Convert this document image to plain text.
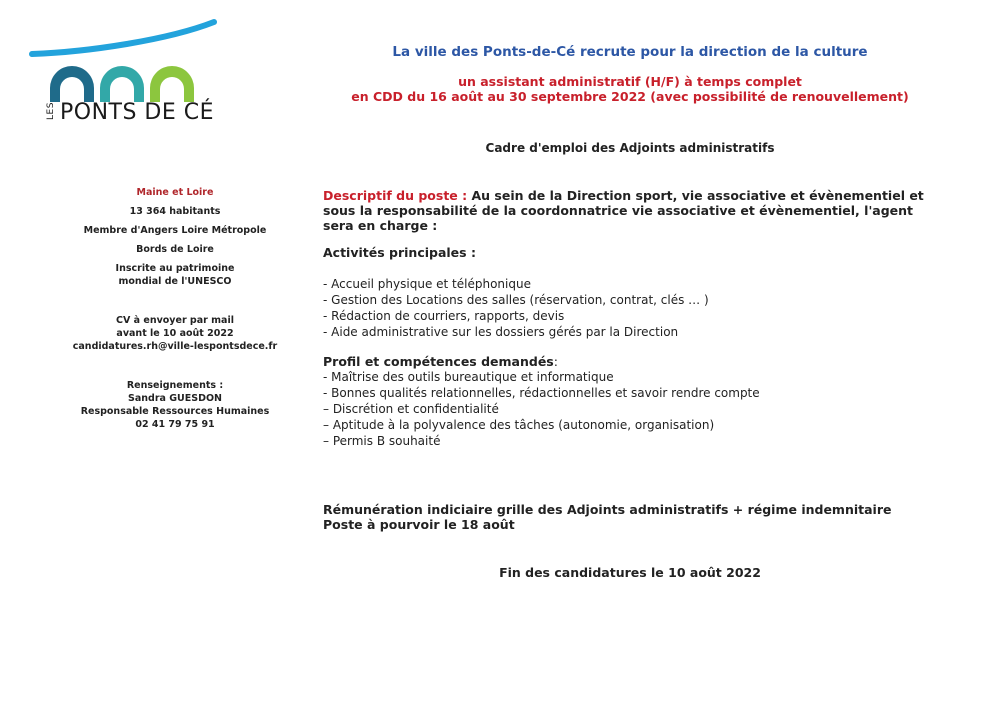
LES PONTS DE CÉ

Maine et Loire

13 364 habitants

Membre d'Angers Loire Métropole

Bords de Loire

Inscrite au patrimoine
mondial de l'UNESCO

CV à envoyer par mail
avant le 10 août 2022
candidatures.rh@ville-lespontsdece.fr

Renseignements :
Sandra GUESDON
Responsable Ressources Humaines
02 41 79 75 91

La ville des Ponts-de-Cé recrute pour la direction de la culture

un assistant administratif (H/F) à temps complet

en CDD du 16 août au 30 septembre 2022 (avec possibilité de renouvellement)

Cadre d'emploi des Adjoints administratifs

Descriptif du poste : Au sein de la Direction sport, vie associative et évènementiel et sous la responsabilité de la coordonnatrice vie associative et évènementiel, l'agent sera en charge :

Activités principales :

- Accueil physique et téléphonique
- Gestion des Locations des salles (réservation, contrat, clés … )
- Rédaction de courriers, rapports, devis
- Aide administrative sur les dossiers gérés par la Direction

Profil et compétences demandés:

- Maîtrise des outils bureautique et informatique
- Bonnes qualités relationnelles, rédactionnelles et savoir rendre compte
– Discrétion et confidentialité
– Aptitude à la polyvalence des tâches (autonomie, organisation)
– Permis B souhaité
Rémunération indiciaire grille des Adjoints administratifs + régime indemnitaire
Poste à pourvoir le 18 août
Fin des candidatures le 10 août 2022
